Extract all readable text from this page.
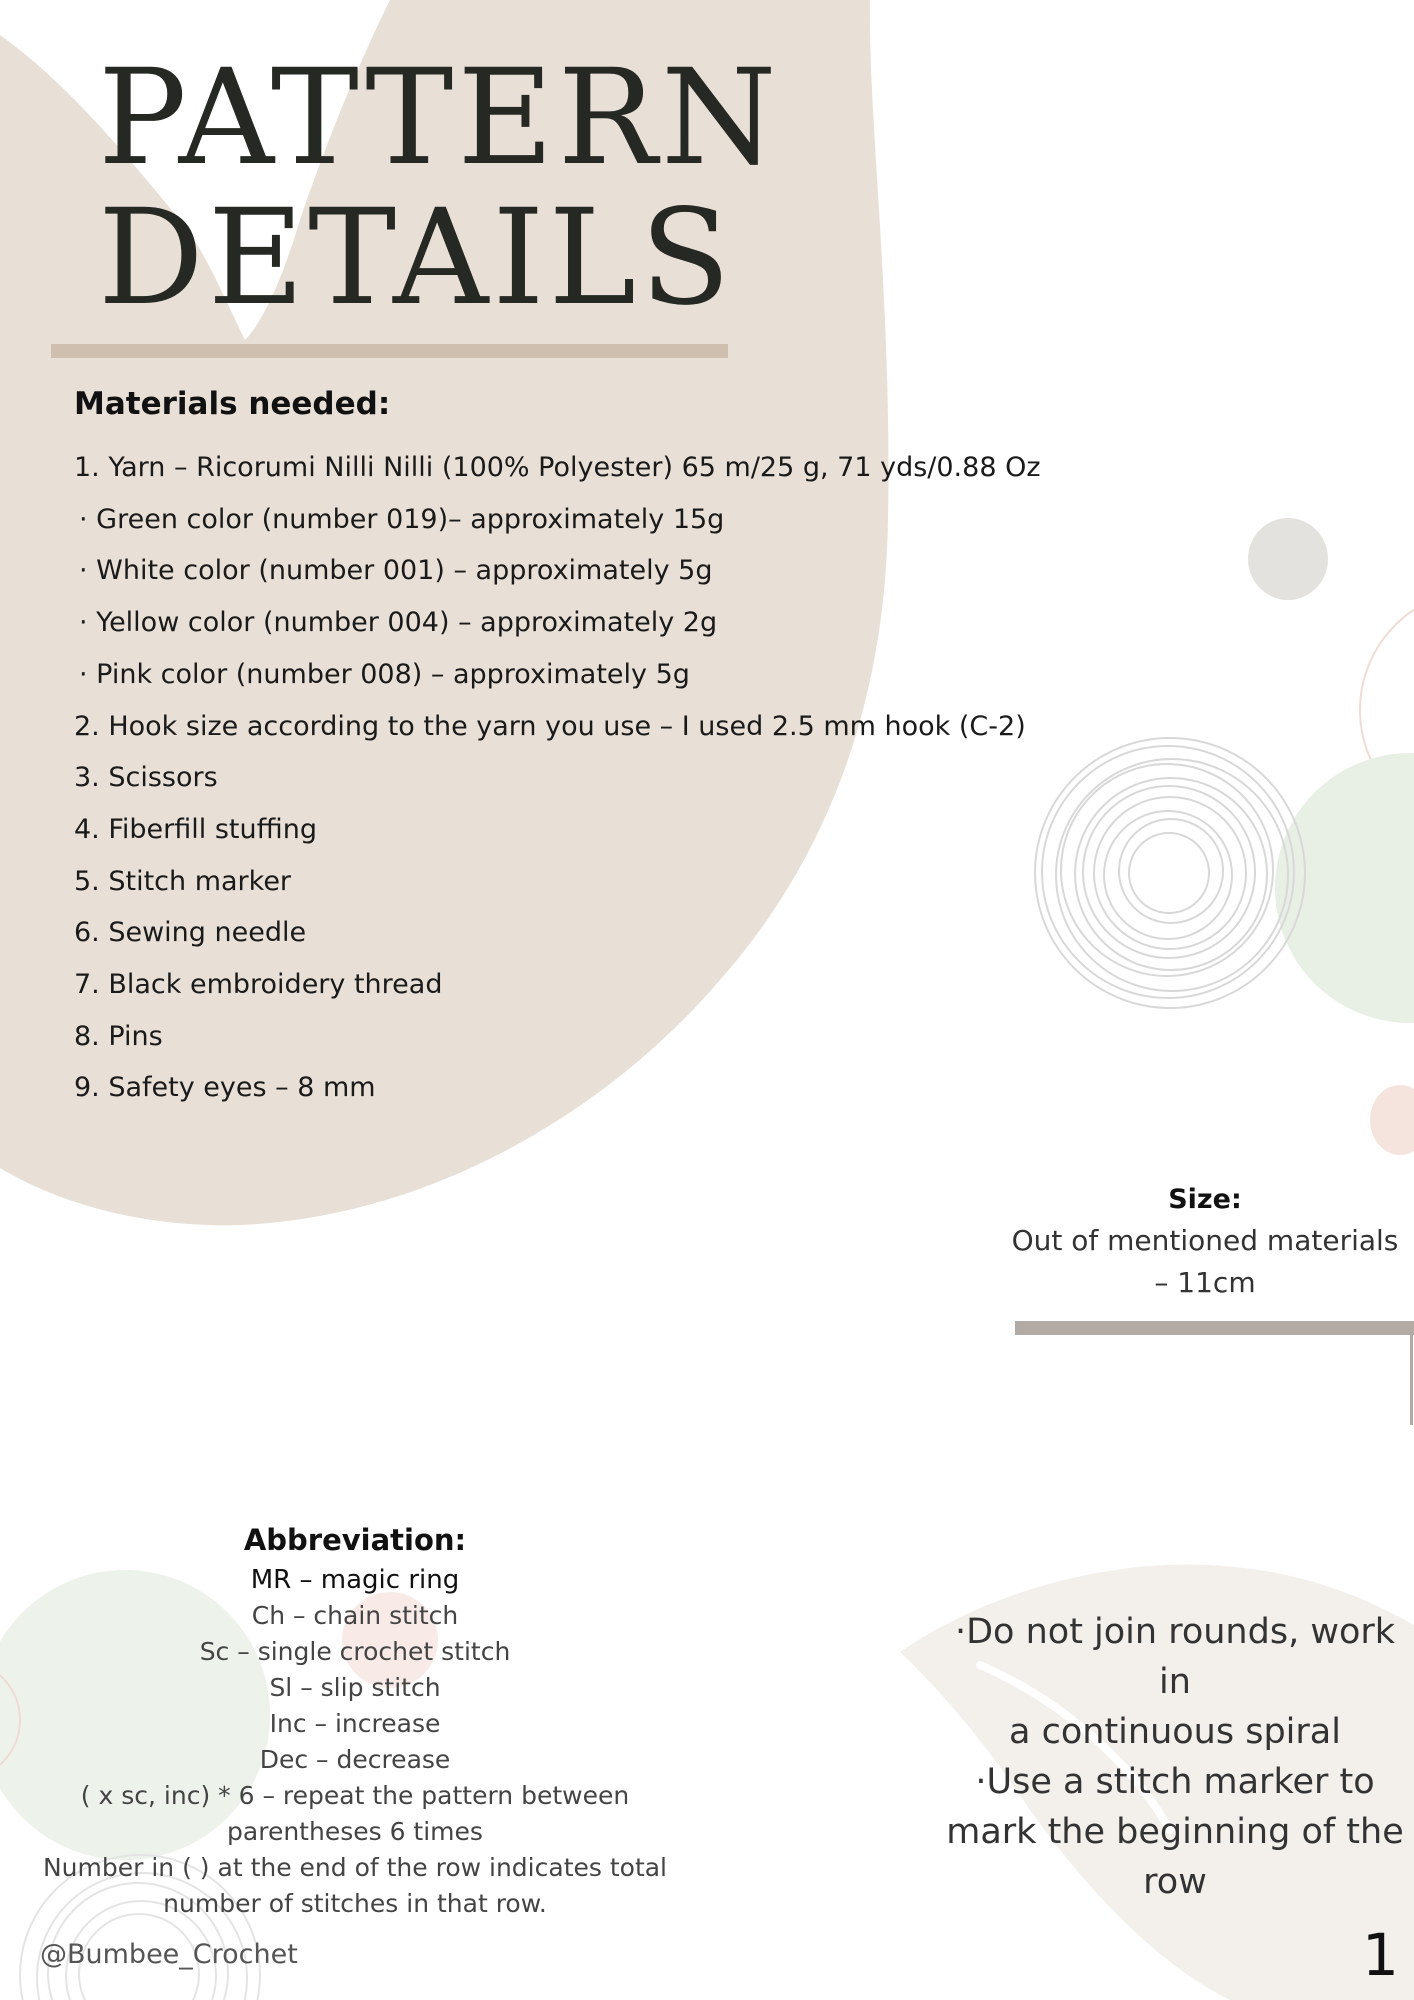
PATTERN
DETAILS
Materials needed:
1. Yarn – Ricorumi Nilli Nilli (100% Polyester) 65 m/25 g, 71 yds/0.88 Oz
· Green color (number 019)– approximately 15g
· White color (number 001) – approximately 5g
· Yellow color (number 004) – approximately 2g
· Pink color (number 008) – approximately 5g
2. Hook size according to the yarn you use – I used 2.5 mm hook (C-2)
3. Scissors
4. Fiberfill stuffing
5. Stitch marker
6. Sewing needle
7. Black embroidery thread
8. Pins
9. Safety eyes – 8 mm
Size:
Out of mentioned materials
– 11cm
Abbreviation:
MR – magic ring
Ch – chain stitch
Sc – single crochet stitch
Sl – slip stitch
Inc – increase
Dec – decrease
( x sc, inc) * 6 – repeat the pattern between
parentheses 6 times
Number in ( ) at the end of the row indicates total
number of stitches in that row.
·Do not join rounds, work in
a continuous spiral
·Use a stitch marker to
mark the beginning of the
row
@Bumbee_Crochet	1
